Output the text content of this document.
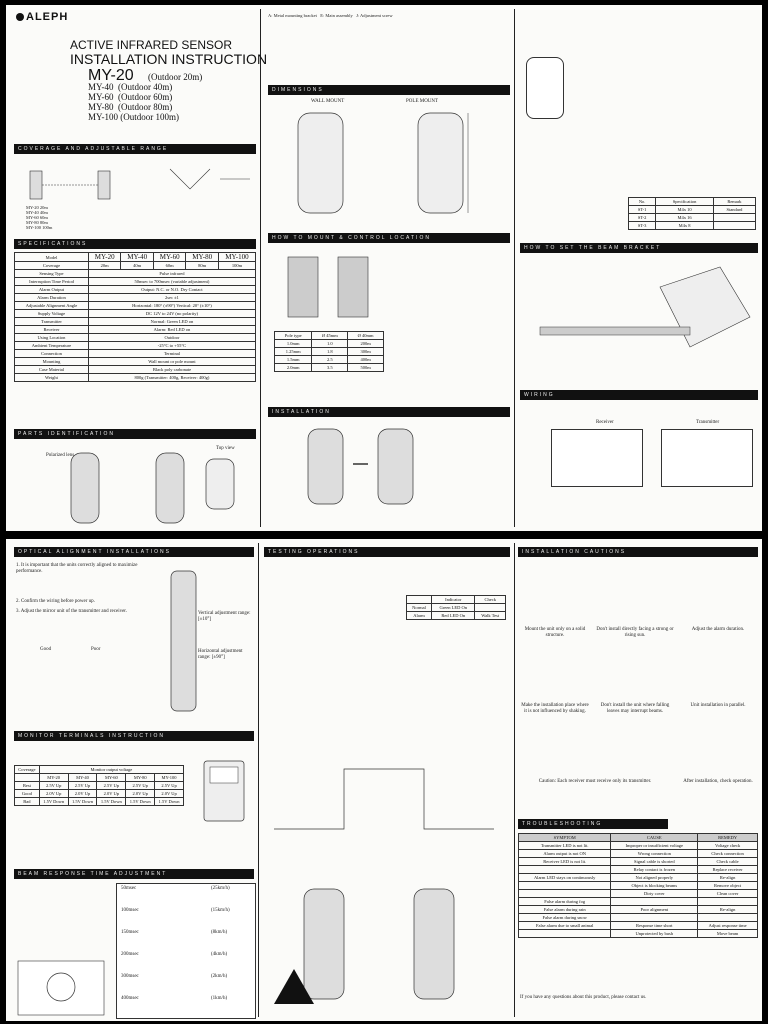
ALEPH
ACTIVE INFRARED SENSOR
INSTALLATION INSTRUCTION
MY-20 (Outdoor 20m)
MY-40 (Outdoor 40m)
MY-60 (Outdoor 60m)
MY-80 (Outdoor 80m)
MY-100 (Outdoor 100m)
COVERAGE AND ADJUSTABLE RANGE
MY-20 20m
MY-40 40m
MY-60 60m
MY-80 80m
MY-100 100m
SPECIFICATIONS
Model	MY-20	MY-40	MY-60	MY-80	MY-100
Coverage	20m	40m	60m	80m	100m
Sensing Type	Pulse infrared				
Interruption Time Period	50msec to 700msec (variable adjustment)				
Alarm Output	Output: N.C. or N.O. Dry Contact				
Alarm Duration	2sec ±1				
Adjustable Alignment Angle	Horizontal: 180° (±90°) Vertical: 20° (±10°)				
Supply Voltage	DC 12V to 24V (no polarity)				
Transmitter	Normal: Green LED on				
Receiver	Alarm: Red LED on				
Using Location	Outdoor				
Ambient Temperature	-25°C to +55°C				
Connection	Terminal				
Mounting	Wall mount or pole mount				
Case Material	Black poly carbonate				
Weight	800g (Transmitter: 400g, Receiver: 400g)				
PARTS IDENTIFICATION
Polarized lens
Top view
A: Metal mounting bracket   E: Main assembly   J: Adjustment screw
DIMENSIONS
WALL MOUNT	POLE MOUNT
HOW TO MOUNT & CONTROL LOCATION
Pole type	Ø 45mm	Ø 40mm
1.0mm	1.0	200m
1.25mm	1.8	300m
1.5mm	2.5	400m
2.0mm	3.5	500m
INSTALLATION
No.	Specification	Remark
ST-1	M4x 10	Standard
ST-2	M4x 16	
ST-3	M4x 8	
HOW TO SET THE BEAM BRACKET
WIRING
Receiver	Transmitter
OPTICAL ALIGNMENT INSTALLATIONS
1. It is important that the units correctly aligned to maximize performance.
2. Confirm the wiring before power up.
3. Adjust the mirror unit of the transmitter and receiver.
Good	Poor
Vertical adjustment range: [±10°]
Horizontal adjustment range: [±90°]
MONITOR TERMINALS INSTRUCTION
Coverage	Monitor output voltage				
	MY-20	MY-40	MY-60	MY-80	MY-100
Best	2.5V Up	2.5V Up	2.5V Up	2.5V Up	2.5V Up
Good	2.0V Up	2.0V Up	2.0V Up	2.0V Up	2.0V Up
Bad	1.5V Down	1.5V Down	1.5V Down	1.5V Down	1.5V Down
BEAM RESPONSE TIME ADJUSTMENT
50msec	(25km/h)
100msec	(15km/h)
150msec	(8km/h)
200msec	(4km/h)
300msec	(2km/h)
400msec	(1km/h)
TESTING OPERATIONS
	Indicator	Check
Normal	Green LED On	
Alarm	Red LED On	Walk Test
INSTALLATION CAUTIONS
Mount the unit only on a solid structure.
Don't install directly facing a strong or rising sun.
Adjust the alarm duration.
Make the installation place where it is not influenced by shaking.
Don't install the unit where falling leaves may interrupt beams.
Unit installation in parallel.
Caution: Each receiver must receive only its transmitter.	After installation, check operation.
TROUBLESHOOTING
SYMPTOM	CAUSE	REMEDY
Transmitter LED is not lit.	Improper or insufficient voltage	Voltage check
Alarm output is not ON	Wrong connection	Check connection
Receiver LED is not lit.	Signal cable is shorted	Check cable
	Relay contact is frozen	Replace receiver
Alarm LED stays on continuously	Not aligned properly	Re-align
	Object is blocking beams	Remove object
	Dirty cover	Clean cover
False alarm during fog		
False alarm during rain	Poor alignment	Re-align
False alarm during snow		
False alarm due to small animal	Response time short	Adjust response time
	Unprotected by bush	Move beam
If you have any questions about this product, please contact us.
